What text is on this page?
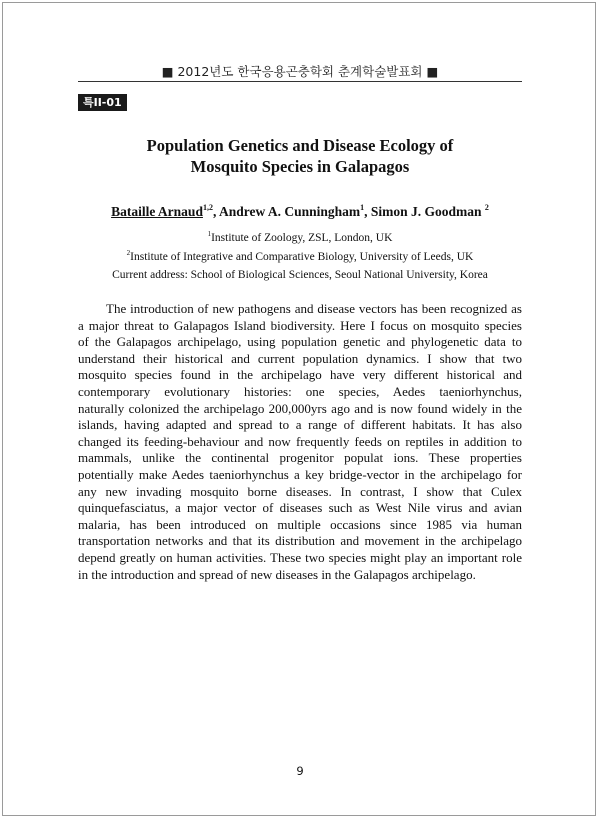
■ 2012년도 한국응용곤충학회 춘계학술발표회 ■
특II-01
Population Genetics and Disease Ecology of
Mosquito Species in Galapagos
Bataille Arnaud$^{1,2}$, Andrew A. Cunningham$^1$, Simon J. Goodman $^2$
$^1$Institute of Zoology, ZSL, London, UK
$^2$Institute of Integrative and Comparative Biology, University of Leeds, UK
Current address: School of Biological Sciences, Seoul National University, Korea
The introduction of new pathogens and disease vectors has been recognized as
a major threat to Galapagos Island biodiversity. Here I focus on mosquito species
of the Galapagos archipelago, using population genetic and phylogenetic data to
understand their historical and current population dynamics. I show that two
mosquito species found in the archipelago have very different historical and
contemporary evolutionary histories: one species, Aedes taeniorhynchus,
naturally colonized the archipelago 200,000yrs ago and is now found widely in the
islands, having adapted and spread to a range of different habitats. It has also
changed its feeding-behaviour and now frequently feeds on reptiles in addition to
mammals, unlike the continental progenitor populat ions. These properties
potentially make Aedes taeniorhynchus a key bridge-vector in the archipelago for
any new invading mosquito borne diseases. In contrast, I show that Culex
quinquefasciatus, a major vector of diseases such as West Nile virus and avian
malaria, has been introduced on multiple occasions since 1985 via human
transportation networks and that its distribution and movement in the archipelago
depend greatly on human activities. These two species might play an important role
in the introduction and spread of new diseases in the Galapagos archipelago.
9
